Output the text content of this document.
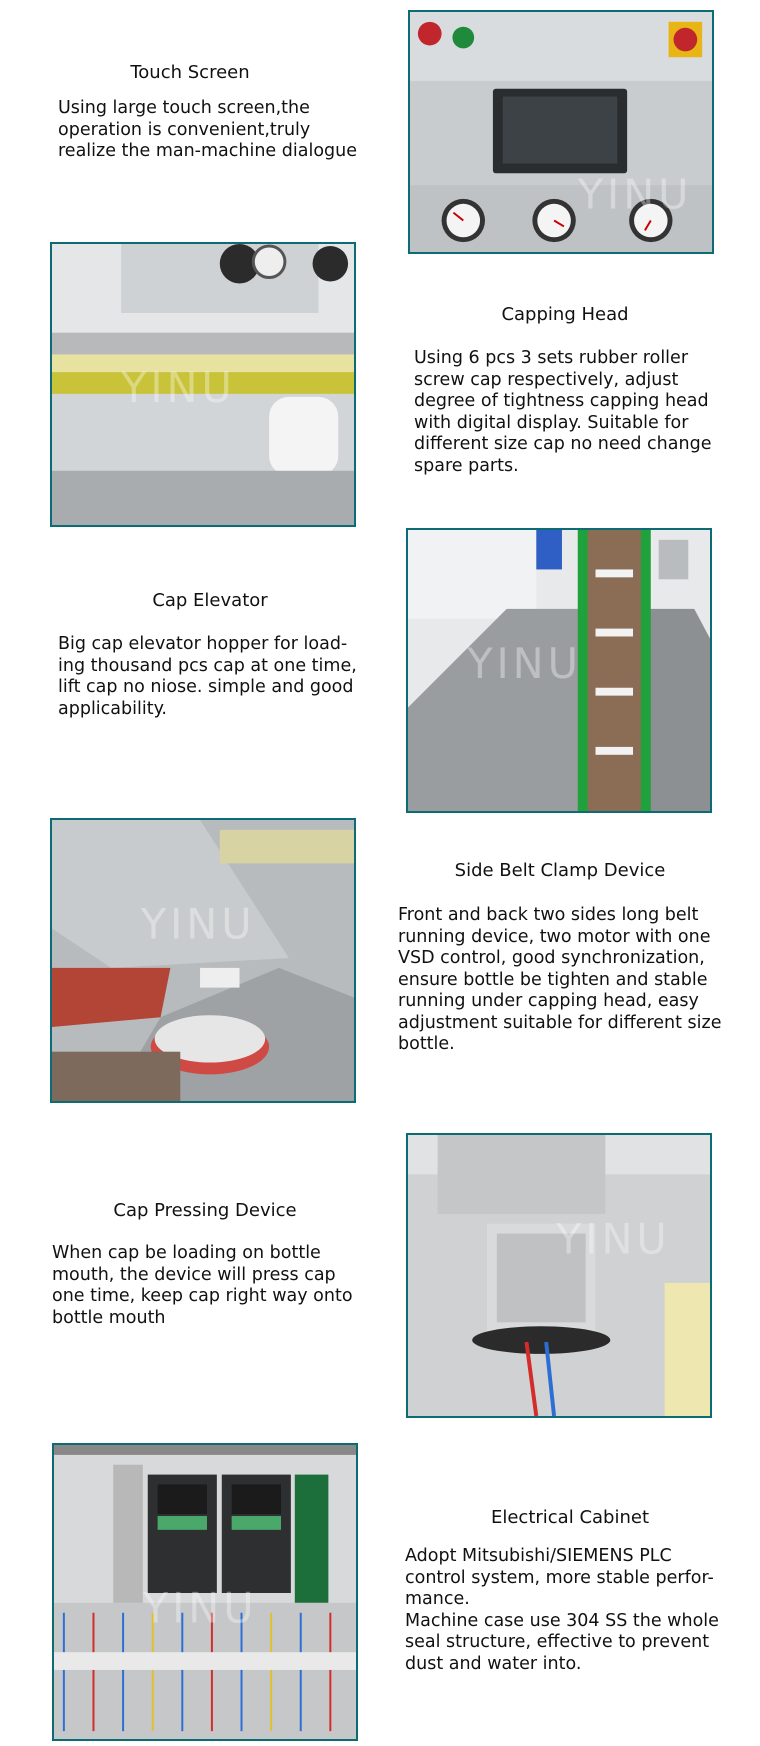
Touch Screen
Using large touch screen,the
operation is convenient,truly
realize the man-machine dialogue
YINU
YINU
Capping Head
Using 6 pcs 3 sets rubber roller
screw cap respectively, adjust
degree of tightness capping head
with digital display. Suitable for
different size cap no need change
spare parts.
Cap Elevator
Big cap elevator hopper for load-
ing thousand pcs cap at one time,
lift cap no niose. simple and good
applicability.
YINU
YINU
Side Belt Clamp Device
Front and back two sides long belt
running device, two motor with one
VSD control, good synchronization,
ensure bottle be tighten and stable
running under capping head, easy
adjustment suitable for different size
bottle.
Cap Pressing Device
When cap be loading on bottle
mouth, the device will press cap
one time, keep cap right way onto
bottle mouth
YINU
YINU
Electrical Cabinet
Adopt Mitsubishi/SIEMENS PLC
control system, more stable perfor-
mance.
Machine case use 304 SS the whole
seal structure, effective to prevent
dust and water into.
